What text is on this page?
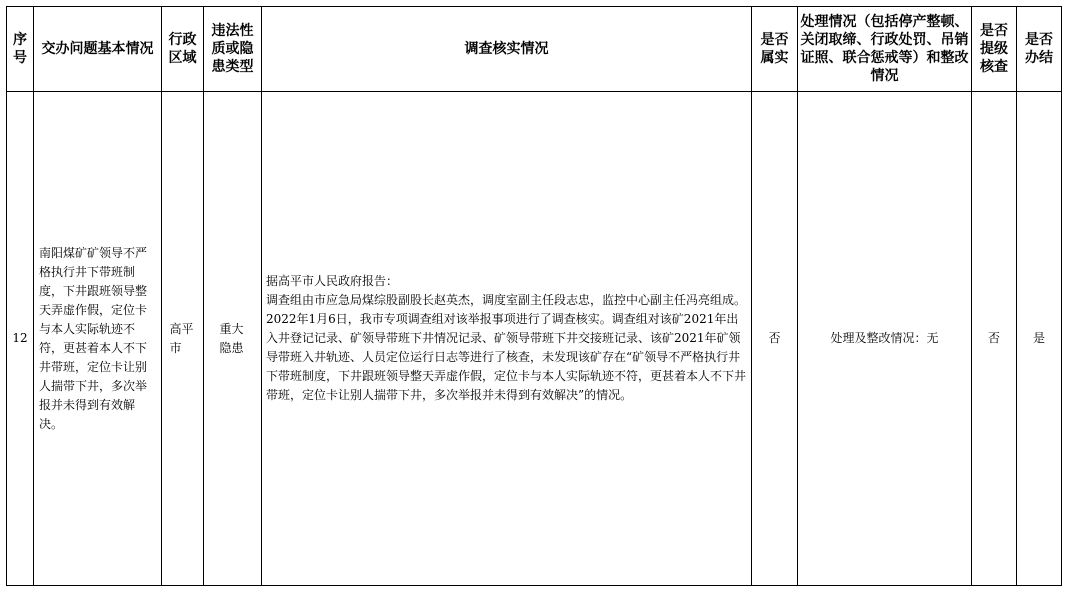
序号	交办问题基本情况	行政区域	违法性质或隐患类型	调查核实情况	是否属实	处理情况（包括停产整顿、关闭取缔、行政处罚、吊销证照、联合惩戒等）和整改情况	是否提级核查	是否办结
12	南阳煤矿矿领导不严格执行井下带班制度，下井跟班领导整天弄虚作假，定位卡与本人实际轨迹不符，更甚着本人不下井带班，定位卡让别人揣带下井，多次举报并未得到有效解决。	高平市	重大隐患	据高平市人民政府报告：
调查组由市应急局煤综股副股长赵英杰，调度室副主任段志忠，监控中心副主任冯亮组成。2022年1月6日，我市专项调查组对该举报事项进行了调查核实。调查组对该矿2021年出入井登记记录、矿领导带班下井情况记录、矿领导带班下井交接班记录、该矿2021年矿领导带班入井轨迹、人员定位运行日志等进行了核查，未发现该矿存在“矿领导不严格执行井下带班制度，下井跟班领导整天弄虚作假，定位卡与本人实际轨迹不符，更甚着本人不下井带班，定位卡让别人揣带下井，多次举报并未得到有效解决”的情况。	否	处理及整改情况：无	否	是
